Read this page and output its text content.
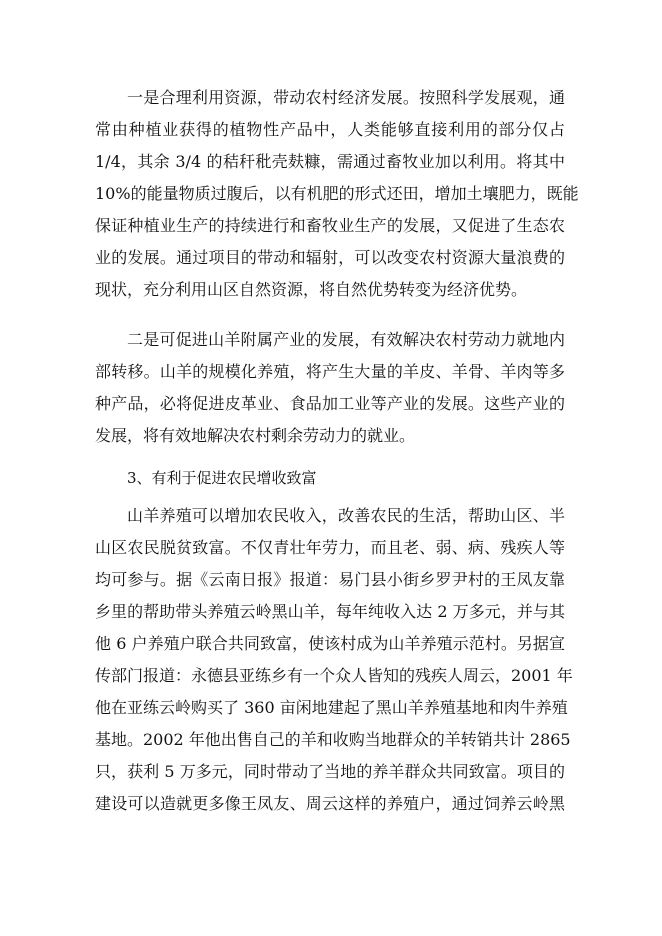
一是合理利用资源，带动农村经济发展。按照科学发展观，通
常由种植业获得的植物性产品中，人类能够直接利用的部分仅占
1/4，其余 3/4 的秸秆秕壳麸糠，需通过畜牧业加以利用。将其中
10%的能量物质过腹后，以有机肥的形式还田，增加土壤肥力，既能
保证种植业生产的持续进行和畜牧业生产的发展，又促进了生态农
业的发展。通过项目的带动和辐射，可以改变农村资源大量浪费的
现状，充分利用山区自然资源，将自然优势转变为经济优势。
二是可促进山羊附属产业的发展，有效解决农村劳动力就地内
部转移。山羊的规模化养殖，将产生大量的羊皮、羊骨、羊肉等多
种产品，必将促进皮革业、食品加工业等产业的发展。这些产业的
发展，将有效地解决农村剩余劳动力的就业。
3、有利于促进农民增收致富
山羊养殖可以增加农民收入，改善农民的生活，帮助山区、半
山区农民脱贫致富。不仅青壮年劳力，而且老、弱、病、残疾人等
均可参与。据《云南日报》报道：易门县小街乡罗尹村的王凤友靠
乡里的帮助带头养殖云岭黑山羊，每年纯收入达 2 万多元，并与其
他 6 户养殖户联合共同致富，使该村成为山羊养殖示范村。另据宣
传部门报道：永德县亚练乡有一个众人皆知的残疾人周云，2001 年
他在亚练云岭购买了 360 亩闲地建起了黑山羊养殖基地和肉牛养殖
基地。2002 年他出售自己的羊和收购当地群众的羊转销共计 2865
只，获利 5 万多元，同时带动了当地的养羊群众共同致富。项目的
建设可以造就更多像王凤友、周云这样的养殖户，通过饲养云岭黑
